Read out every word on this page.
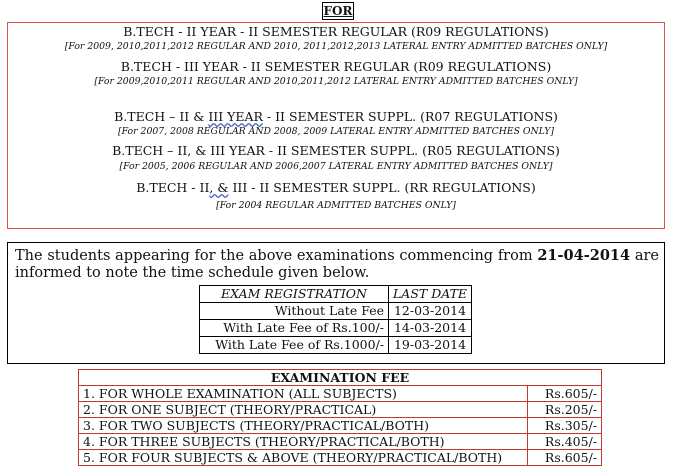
FOR
B.TECH - II YEAR - II SEMESTER REGULAR (R09 REGULATIONS)
[For 2009, 2010,2011,2012 REGULAR AND 2010, 2011,2012,2013 LATERAL ENTRY ADMITTED BATCHES ONLY]
B.TECH - III YEAR - II SEMESTER REGULAR (R09 REGULATIONS)
[For 2009,2010,2011 REGULAR AND 2010,2011,2012 LATERAL ENTRY ADMITTED BATCHES ONLY]
B.TECH – II & III YEAR - II SEMESTER SUPPL. (R07 REGULATIONS)
[For 2007, 2008 REGULAR AND 2008, 2009 LATERAL ENTRY ADMITTED BATCHES ONLY]
B.TECH – II, & III YEAR - II SEMESTER SUPPL. (R05 REGULATIONS)
[For 2005, 2006 REGULAR AND 2006,2007 LATERAL ENTRY ADMITTED BATCHES ONLY]
B.TECH - II, & III - II SEMESTER SUPPL. (RR REGULATIONS)
[For 2004 REGULAR ADMITTED BATCHES ONLY]
The students appearing for the above examinations commencing from 21-04-2014 are informed to note the time schedule given below.
EXAM REGISTRATION	LAST DATE
Without Late Fee	12-03-2014
With Late Fee of Rs.100/-	14-03-2014
With Late Fee of Rs.1000/-	19-03-2014
EXAMINATION FEE	
1. FOR WHOLE EXAMINATION (ALL SUBJECTS)	Rs.605/-
2. FOR ONE SUBJECT (THEORY/PRACTICAL)	Rs.205/-
3. FOR TWO SUBJECTS (THEORY/PRACTICAL/BOTH)	Rs.305/-
4. FOR THREE SUBJECTS (THEORY/PRACTICAL/BOTH)	Rs.405/-
5. FOR FOUR SUBJECTS & ABOVE (THEORY/PRACTICAL/BOTH)	Rs.605/-
